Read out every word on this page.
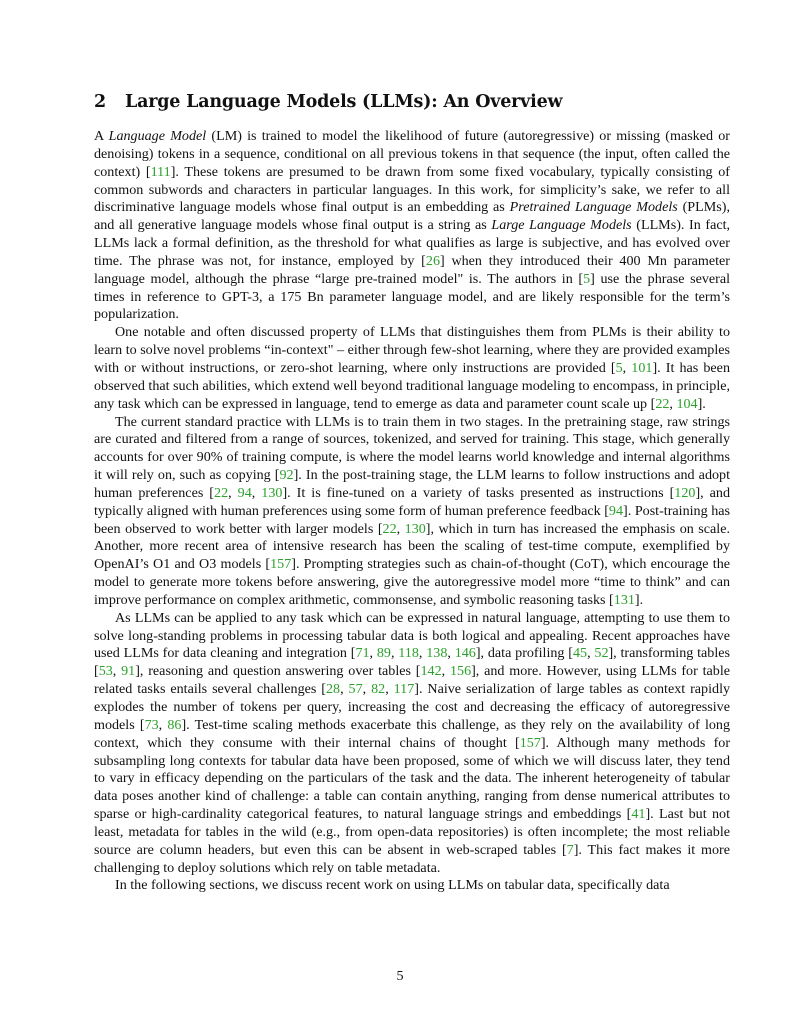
2 Large Language Models (LLMs): An Overview

A Language Model (LM) is trained to model the likelihood of future (autoregressive) or missing (masked or denoising) tokens in a sequence, conditional on all previous tokens in that sequence (the input, often called the context) [111]. These tokens are presumed to be drawn from some fixed vocabulary, typically consisting of common subwords and characters in particular languages. In this work, for simplicity’s sake, we refer to all discriminative language models whose final output is an embedding as Pretrained Language Models (PLMs), and all generative language models whose final output is a string as Large Language Models (LLMs). In fact, LLMs lack a formal definition, as the threshold for what qualifies as large is subjective, and has evolved over time. The phrase was not, for instance, employed by [26] when they introduced their 400 Mn parameter language model, although the phrase “large pre-trained model" is. The authors in [5] use the phrase several times in reference to GPT-3, a 175 Bn parameter language model, and are likely responsible for the term’s popularization.

One notable and often discussed property of LLMs that distinguishes them from PLMs is their ability to learn to solve novel problems “in-context" – either through few-shot learning, where they are provided examples with or without instructions, or zero-shot learning, where only instructions are provided [5, 101]. It has been observed that such abilities, which extend well beyond traditional language modeling to encompass, in principle, any task which can be expressed in language, tend to emerge as data and parameter count scale up [22, 104].

The current standard practice with LLMs is to train them in two stages. In the pretraining stage, raw strings are curated and filtered from a range of sources, tokenized, and served for training. This stage, which generally accounts for over 90% of training compute, is where the model learns world knowledge and internal algorithms it will rely on, such as copying [92]. In the post-training stage, the LLM learns to follow instructions and adopt human preferences [22, 94, 130]. It is fine-tuned on a variety of tasks presented as instructions [120], and typically aligned with human preferences using some form of human preference feedback [94]. Post-training has been observed to work better with larger models [22, 130], which in turn has increased the emphasis on scale. Another, more recent area of intensive research has been the scaling of test-time compute, exemplified by OpenAI’s O1 and O3 models [157]. Prompting strategies such as chain-of-thought (CoT), which encourage the model to generate more tokens before answering, give the autoregressive model more “time to think” and can improve performance on complex arithmetic, commonsense, and symbolic reasoning tasks [131].

As LLMs can be applied to any task which can be expressed in natural language, attempting to use them to solve long-standing problems in processing tabular data is both logical and appealing. Recent approaches have used LLMs for data cleaning and integration [71, 89, 118, 138, 146], data profiling [45, 52], transforming tables [53, 91], reasoning and question answering over tables [142, 156], and more. However, using LLMs for table related tasks entails several challenges [28, 57, 82, 117]. Naive serialization of large tables as context rapidly explodes the number of tokens per query, increasing the cost and decreasing the efficacy of autoregressive models [73, 86]. Test-time scaling methods exacerbate this challenge, as they rely on the availability of long context, which they consume with their internal chains of thought [157]. Although many methods for subsampling long contexts for tabular data have been proposed, some of which we will discuss later, they tend to vary in efficacy depending on the particulars of the task and the data. The inherent heterogeneity of tabular data poses another kind of challenge: a table can contain anything, ranging from dense numerical attributes to sparse or high-cardinality categorical features, to natural language strings and embeddings [41]. Last but not least, metadata for tables in the wild (e.g., from open-data repositories) is often incomplete; the most reliable source are column headers, but even this can be absent in web-scraped tables [7]. This fact makes it more challenging to deploy solutions which rely on table metadata.

In the following sections, we discuss recent work on using LLMs on tabular data, specifically data

5
